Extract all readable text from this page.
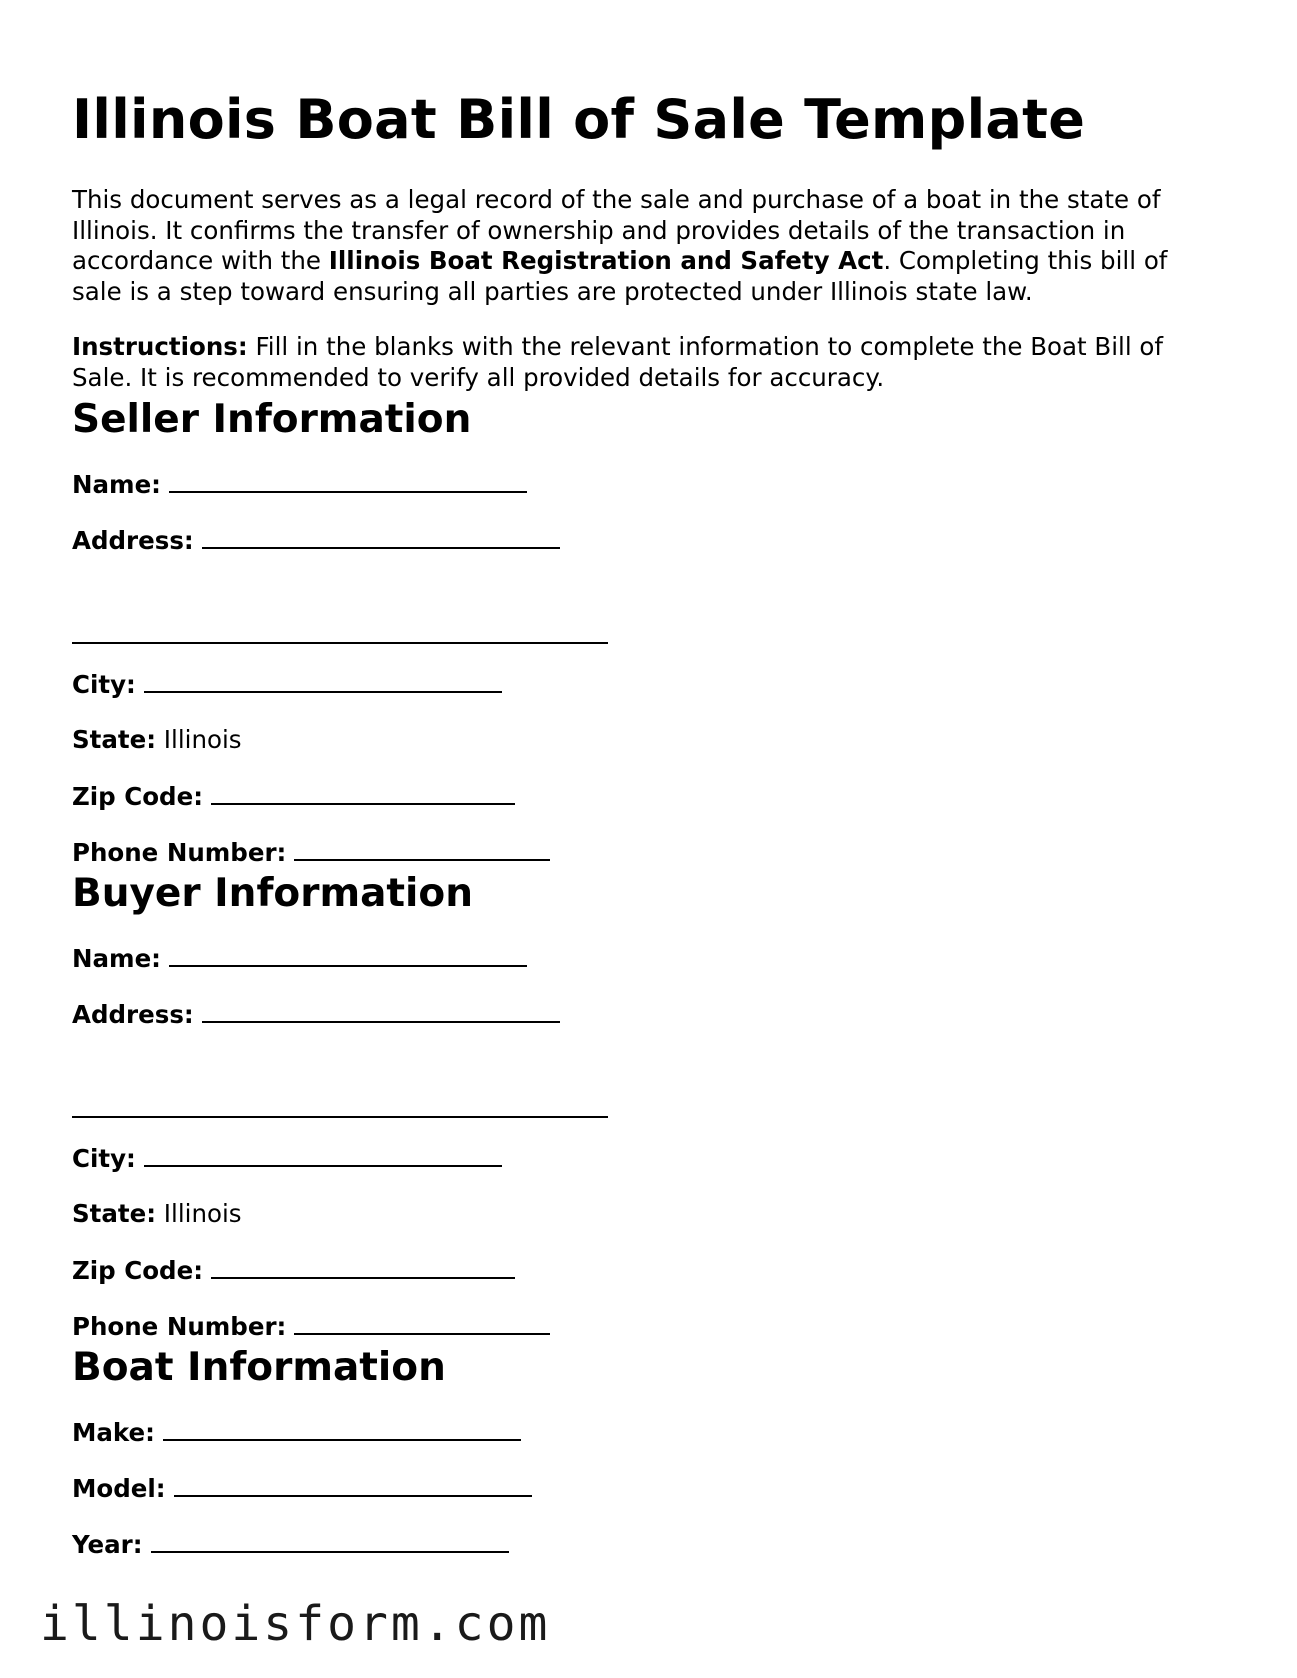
Illinois Boat Bill of Sale Template

This document serves as a legal record of the sale and purchase of a boat in the state of Illinois. It confirms the transfer of ownership and provides details of the transaction in accordance with the Illinois Boat Registration and Safety Act. Completing this bill of sale is a step toward ensuring all parties are protected under Illinois state law.

Instructions: Fill in the blanks with the relevant information to complete the Boat Bill of Sale. It is recommended to verify all provided details for accuracy.

Seller Information
Name:
Address:
City:
State: Illinois
Zip Code:
Phone Number:
Buyer Information
Name:
Address:
City:
State: Illinois
Zip Code:
Phone Number:
Boat Information
Make:
Model:
Year:
illinoisform.com
